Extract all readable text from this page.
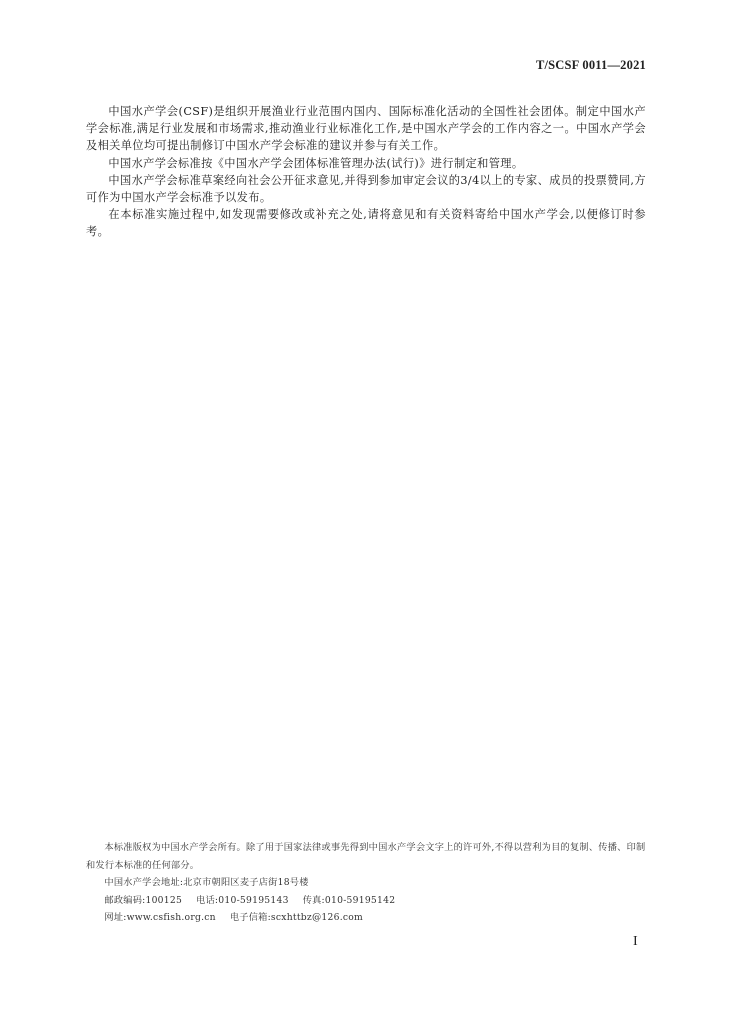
T/SCSF 0011—2021

中国水产学会(CSF)是组织开展渔业行业范围内国内、国际标准化活动的全国性社会团体。制定中国水产学会标准,满足行业发展和市场需求,推动渔业行业标准化工作,是中国水产学会的工作内容之一。中国水产学会及相关单位均可提出制修订中国水产学会标准的建议并参与有关工作。

中国水产学会标准按《中国水产学会团体标准管理办法(试行)》进行制定和管理。

中国水产学会标准草案经向社会公开征求意见,并得到参加审定会议的3/4以上的专家、成员的投票赞同,方可作为中国水产学会标准予以发布。

在本标准实施过程中,如发现需要修改或补充之处,请将意见和有关资料寄给中国水产学会,以便修订时参考。

本标准版权为中国水产学会所有。除了用于国家法律或事先得到中国水产学会文字上的许可外,不得以营利为目的复制、传播、印制和发行本标准的任何部分。

中国水产学会地址:北京市朝阳区麦子店街18号楼

邮政编码:100125 电话:010-59195143 传真:010-59195142

网址:www.csfish.org.cn 电子信箱:scxhttbz@126.com

I
